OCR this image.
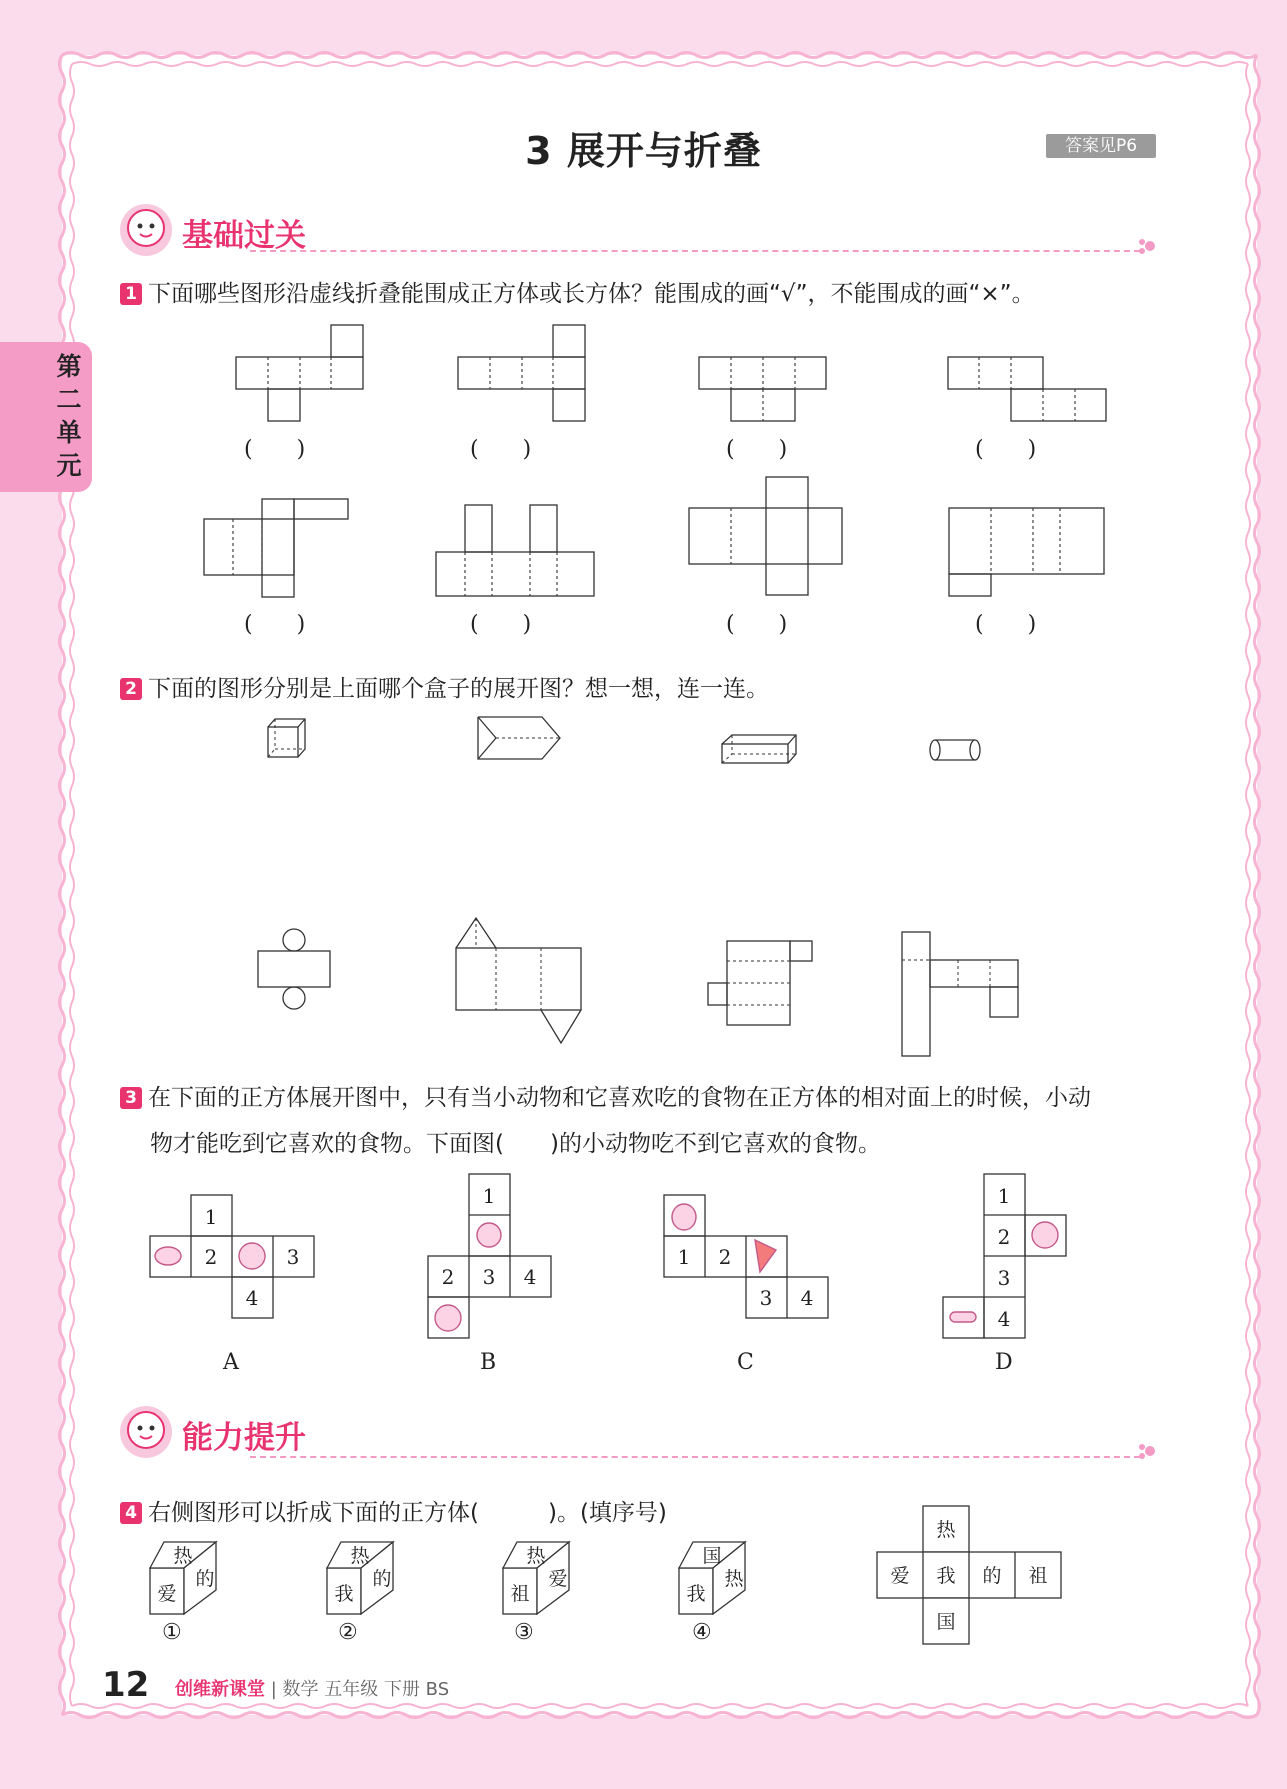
3 展开与折叠	答案见P6
第二单元
基础过关
1 下面哪些图形沿虚线折叠能围成正方体或长方体？能围成的画“√”，不能围成的画“×”。
(　　)	(　　)	(　　)	(　　)
(　　)	(　　)	(　　)	(　　)
2 下面的图形分别是上面哪个盒子的展开图？想一想，连一连。
3 在下面的正方体展开图中，只有当小动物和它喜欢吃的食物在正方体的相对面上的时候，小动
物才能吃到它喜欢的食物。下面图(　　)的小动物吃不到它喜欢的食物。
1
2	3
4
1
2 3 4
1 2
3 4
1
2
3
4
A	B	C	D
能力提升
4 右侧图形可以折成下面的正方体(　　　)。(填序号)
热
爱
的
热
我
的
热
祖
爱
国
我
热
热
爱 我 的 祖
国
①	②	③	④
12 创维新课堂 | 数学 五年级 下册 BS
